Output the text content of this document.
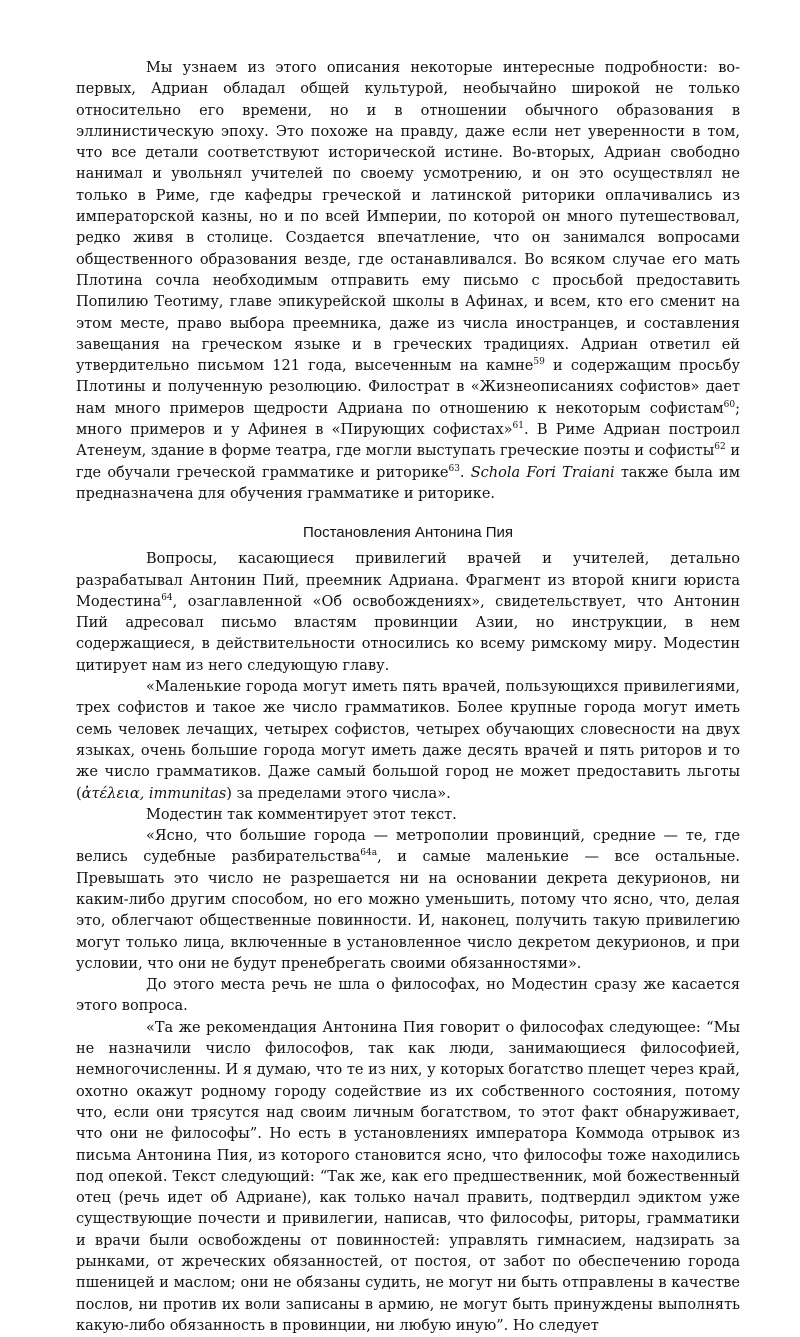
Мы узнаем из этого описания некоторые интересные подробности: во-первых, Адриан обладал общей культурой, необычайно широкой не только относительно его времени, но и в отношении обычного образования в эллинистическую эпоху. Это похоже на правду, даже если нет уверенности в том, что все детали соответствуют исторической истине. Во-вторых, Адриан свободно нанимал и увольнял учителей по своему усмотрению, и он это осуществлял не только в Риме, где кафедры греческой и латинской риторики оплачивались из императорской казны, но и по всей Империи, по которой он много путешествовал, редко живя в столице. Создается впечатление, что он занимался вопросами общественного образования везде, где останавливался. Во всяком случае его мать Плотина сочла необходимым отправить ему письмо с просьбой предоставить Попилию Теотиму, главе эпикурейской школы в Афинах, и всем, кто его сменит на этом месте, право выбора преемника, даже из числа иностранцев, и составления завещания на греческом языке и в греческих традициях. Адриан ответил ей утвердительно письмом 121 года, высеченным на камне$^{59}$ и содержащим просьбу Плотины и полученную резолюцию. Филострат в «Жизнеописаниях софистов» дает нам много примеров щедрости Адриана по отношению к некоторым софистам$^{60}$; много примеров и у Афинея в «Пирующих софистах»$^{61}$. В Риме Адриан построил Атенеум, здание в форме театра, где могли выступать греческие поэты и софисты$^{62}$ и где обучали греческой грамматике и риторике$^{63}$. Schola Fori Traiani также была им предназначена для обучения грамматике и риторике.

Постановления Антонина Пия

Вопросы, касающиеся привилегий врачей и учителей, детально разрабатывал Антонин Пий, преемник Адриана. Фрагмент из второй книги юриста Модестина$^{64}$, озаглавленной «Об освобождениях», свидетельствует, что Антонин Пий адресовал письмо властям провинции Азии, но инструкции, в нем содержащиеся, в действительности относились ко всему римскому миру. Модестин цитирует нам из него следующую главу.

«Маленькие города могут иметь пять врачей, пользующихся привилегиями, трех софистов и такое же число грамматиков. Более крупные города могут иметь семь человек лечащих, четырех софистов, четырех обучающих словесности на двух языках, очень большие города могут иметь даже десять врачей и пять риторов и то же число грамматиков. Даже самый большой город не может предоставить льготы (ἀτέλεια, immunitas) за пределами этого числа».

Модестин так комментирует этот текст.

«Ясно, что большие города — метрополии провинций, средние — те, где велись судебные разбирательства$^{64a}$, и самые маленькие — все остальные. Превышать это число не разрешается ни на основании декрета декурионов, ни каким-либо другим способом, но его можно уменьшить, потому что ясно, что, делая это, облегчают общественные повинности. И, наконец, получить такую привилегию могут только лица, включенные в установленное число декретом декурионов, и при условии, что они не будут пренебрегать своими обязанностями».

До этого места речь не шла о философах, но Модестин сразу же касается этого вопроса.

«Та же рекомендация Антонина Пия говорит о философах следующее: “Мы не назначили число философов, так как люди, занимающиеся философией, немногочисленны. И я думаю, что те из них, у которых богатство плещет через край, охотно окажут родному городу содействие из их собственного состояния, потому что, если они трясутся над своим личным богатством, то этот факт обнаруживает, что они не философы”. Но есть в установлениях императора Коммода отрывок из письма Антонина Пия, из которого становится ясно, что философы тоже находились под опекой. Текст следующий: “Так же, как его предшественник, мой божественный отец (речь идет об Адриане), как только начал править, подтвердил эдиктом уже существующие почести и привилегии, написав, что философы, риторы, грамматики и врачи были освобождены от повинностей: управлять гимнасием, надзирать за рынками, от жреческих обязанностей, от постоя, от забот по обеспечению города пшеницей и маслом; они не обязаны судить, не могут ни быть отправлены в качестве послов, ни против их воли записаны в армию, не могут быть принуждены выполнять какую-либо обязанность в провинции, ни любую иную”. Но следует
